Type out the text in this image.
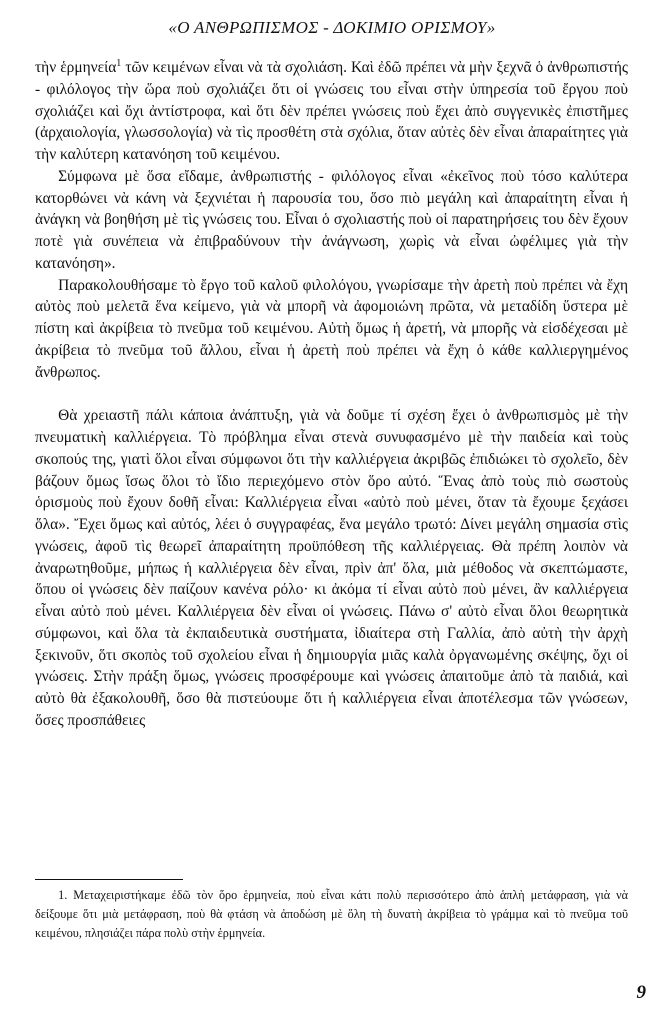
«Ο ΑΝΘΡΩΠΙΣΜΟΣ - ΔΟΚΙΜΙΟ ΟΡΙΣΜΟΥ»

τὴν ἑρμηνεία$^1$ τῶν κειμένων εἶναι νὰ τὰ σχολιάση. Καὶ ἐδῶ πρέπει νὰ μὴν ξεχνᾶ ὁ ἀνθρωπιστής - φιλόλογος τὴν ὥρα ποὺ σχολιάζει ὅτι οἱ γνώσεις του εἶναι στὴν ὑπηρεσία τοῦ ἔργου ποὺ σχολιάζει καὶ ὄχι ἀντίστροφα, καὶ ὅτι δὲν πρέπει γνώσεις ποὺ ἔχει ἀπὸ συγγενικὲς ἐπιστῆμες (ἀρχαιολογία, γλωσσολογία) νὰ τὶς προσθέτη στὰ σχόλια, ὅταν αὐτὲς δὲν εἶναι ἀπαραίτητες γιὰ τὴν καλύτερη κατανόηση τοῦ κειμένου.

Σύμφωνα μὲ ὅσα εἴδαμε, ἀνθρωπιστής - φιλόλογος εἶναι «ἐκεῖνος ποὺ τόσο καλύτερα κατορθώνει νὰ κάνη νὰ ξεχνιέται ἡ παρουσία του, ὅσο πιὸ μεγάλη καὶ ἀπαραίτητη εἶναι ἡ ἀνάγκη νὰ βοηθήση μὲ τὶς γνώσεις του. Εἶναι ὁ σχολιαστής ποὺ οἱ παρατηρήσεις του δὲν ἔχουν ποτὲ γιὰ συνέπεια νὰ ἐπιβραδύνουν τὴν ἀνάγνωση, χωρὶς νὰ εἶναι ὠφέλιμες γιὰ τὴν κατανόηση».

Παρακολουθήσαμε τὸ ἔργο τοῦ καλοῦ φιλολόγου, γνωρίσαμε τὴν ἀρετὴ ποὺ πρέπει νὰ ἔχη αὐτὸς ποὺ μελετᾶ ἕνα κείμενο, γιὰ νὰ μπορῆ νὰ ἀφομοιώνη πρῶτα, νὰ μεταδίδη ὕστερα μὲ πίστη καὶ ἀκρίβεια τὸ πνεῦμα τοῦ κειμένου. Αὐτὴ ὅμως ἡ ἀρετή, νὰ μπορῆς νὰ εἰσδέχεσαι μὲ ἀκρίβεια τὸ πνεῦμα τοῦ ἄλλου, εἶναι ἡ ἀρετὴ ποὺ πρέπει νὰ ἔχη ὁ κάθε καλλιεργημένος ἄνθρωπος.

Θὰ χρειαστῆ πάλι κάποια ἀνάπτυξη, γιὰ νὰ δοῦμε τί σχέση ἔχει ὁ ἀνθρωπισμὸς μὲ τὴν πνευματικὴ καλλιέργεια. Τὸ πρόβλημα εἶναι στενὰ συνυφασμένο μὲ τὴν παιδεία καὶ τοὺς σκοπούς της, γιατὶ ὅλοι εἶναι σύμφωνοι ὅτι τὴν καλλιέργεια ἀκριβῶς ἐπιδιώκει τὸ σχολεῖο, δὲν βάζουν ὅμως ἴσως ὅλοι τὸ ἴδιο περιεχόμενο στὸν ὅρο αὐτό. Ἕνας ἀπὸ τοὺς πιὸ σωστοὺς ὁρισμοὺς ποὺ ἔχουν δοθῆ εἶναι: Καλλιέργεια εἶναι «αὐτὸ ποὺ μένει, ὅταν τὰ ἔχουμε ξεχάσει ὅλα». Ἔχει ὅμως καὶ αὐτός, λέει ὁ συγγραφέας, ἕνα μεγάλο τρωτό: Δίνει μεγάλη σημασία στὶς γνώσεις, ἀφοῦ τὶς θεωρεῖ ἀπαραίτητη προϋπόθεση τῆς καλλιέργειας. Θὰ πρέπη λοιπὸν νὰ ἀναρωτηθοῦμε, μήπως ἡ καλλιέργεια δὲν εἶναι, πρὶν ἀπ' ὅλα, μιὰ μέθοδος νὰ σκεπτώμαστε, ὅπου οἱ γνώσεις δὲν παίζουν κανένα ρόλο· κι ἀκόμα τί εἶναι αὐτὸ ποὺ μένει, ἂν καλλιέργεια εἶναι αὐτὸ ποὺ μένει. Καλλιέργεια δὲν εἶναι οἱ γνώσεις. Πάνω σ' αὐτὸ εἶναι ὅλοι θεωρητικὰ σύμφωνοι, καὶ ὅλα τὰ ἐκπαιδευτικὰ συστήματα, ἰδιαίτερα στὴ Γαλλία, ἀπὸ αὐτὴ τὴν ἀρχὴ ξεκινοῦν, ὅτι σκοπὸς τοῦ σχολείου εἶναι ἡ δημιουργία μιᾶς καλὰ ὀργανωμένης σκέψης, ὄχι οἱ γνώσεις. Στὴν πράξη ὅμως, γνώσεις προσφέρουμε καὶ γνώσεις ἀπαιτοῦμε ἀπὸ τὰ παιδιά, καὶ αὐτὸ θὰ ἐξακολουθῆ, ὅσο θὰ πιστεύουμε ὅτι ἡ καλλιέργεια εἶναι ἀποτέλεσμα τῶν γνώσεων, ὅσες προσπάθειες

1. Μεταχειριστήκαμε ἐδῶ τὸν ὅρο ἑρμηνεία, ποὺ εἶναι κάτι πολὺ περισσότερο ἀπὸ ἁπλὴ μετάφραση, γιὰ νὰ δείξουμε ὅτι μιὰ μετάφραση, ποὺ θὰ φτάση νὰ ἀποδώση μὲ ὅλη τὴ δυνατὴ ἀκρίβεια τὸ γράμμα καὶ τὸ πνεῦμα τοῦ κειμένου, πλησιάζει πάρα πολὺ στὴν ἑρμηνεία.

9
